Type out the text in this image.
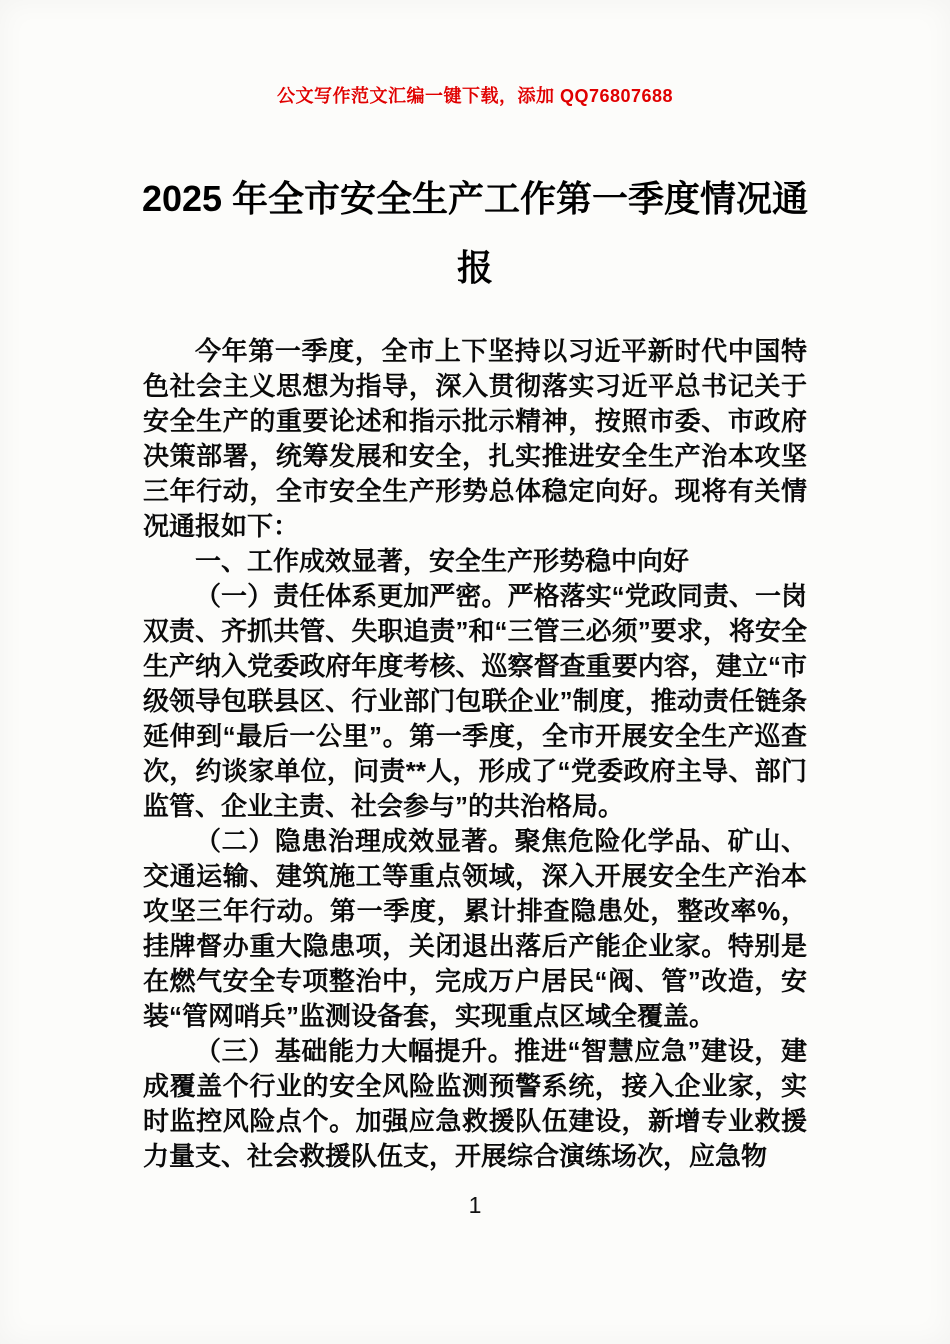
公文写作范文汇编一键下载，添加 QQ76807688
2025 年全市安全生产工作第一季度情况通报

今年第一季度，全市上下坚持以习近平新时代中国特色社会主义思想为指导，深入贯彻落实习近平总书记关于安全生产的重要论述和指示批示精神，按照市委、市政府决策部署，统筹发展和安全，扎实推进安全生产治本攻坚三年行动，全市安全生产形势总体稳定向好。现将有关情况通报如下：

一、工作成效显著，安全生产形势稳中向好

（一）责任体系更加严密。严格落实“党政同责、一岗双责、齐抓共管、失职追责”和“三管三必须”要求，将安全生产纳入党委政府年度考核、巡察督查重要内容，建立“市级领导包联县区、行业部门包联企业”制度，推动责任链条延伸到“最后一公里”。第一季度，全市开展安全生产巡查次，约谈家单位，问责**人，形成了“党委政府主导、部门监管、企业主责、社会参与”的共治格局。

（二）隐患治理成效显著。聚焦危险化学品、矿山、交通运输、建筑施工等重点领域，深入开展安全生产治本攻坚三年行动。第一季度，累计排查隐患处，整改率%，挂牌督办重大隐患项，关闭退出落后产能企业家。特别是在燃气安全专项整治中，完成万户居民“阀、管”改造，安装“管网哨兵”监测设备套，实现重点区域全覆盖。

（三）基础能力大幅提升。推进“智慧应急”建设，建成覆盖个行业的安全风险监测预警系统，接入企业家，实时监控风险点个。加强应急救援队伍建设，新增专业救援力量支、社会救援队伍支，开展综合演练场次，应急物

1
